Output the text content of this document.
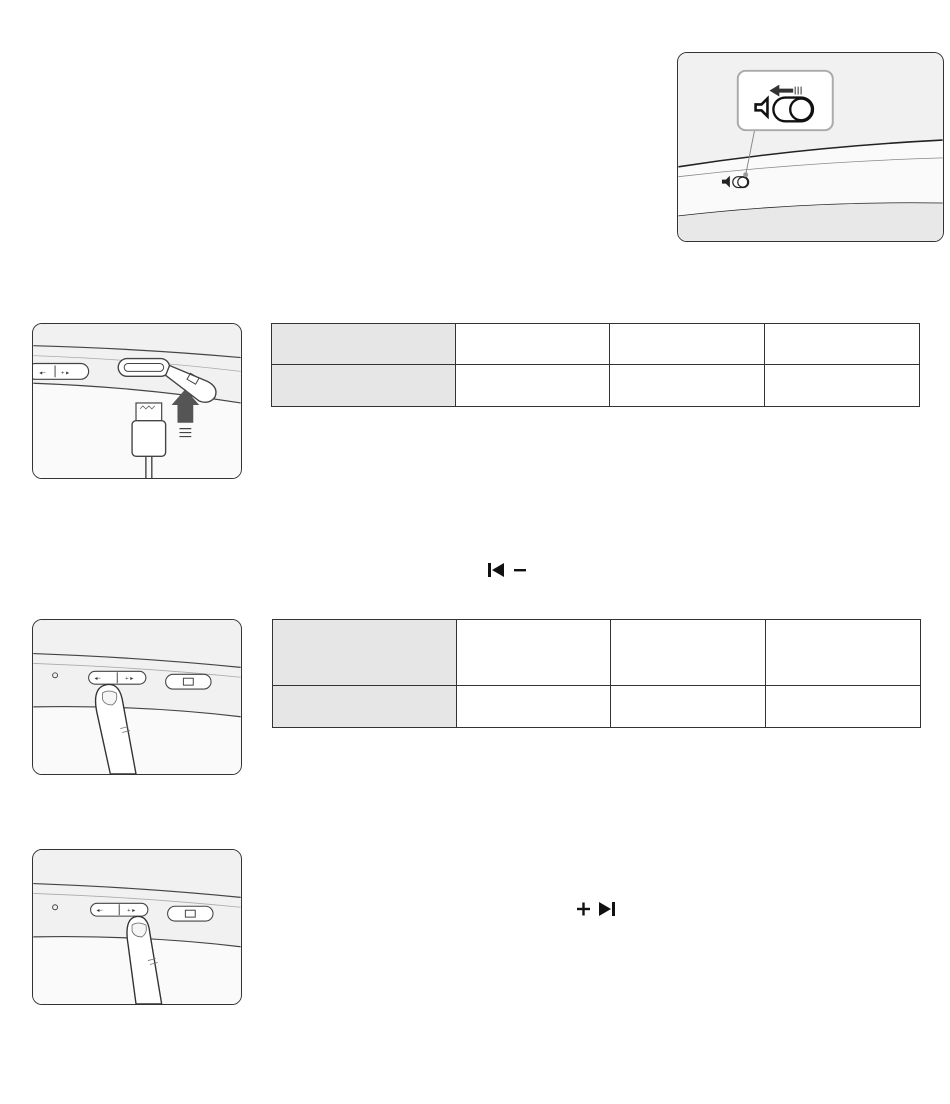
◂−	+ ▸

◂−	+ ▸

◂−	+ ▸
